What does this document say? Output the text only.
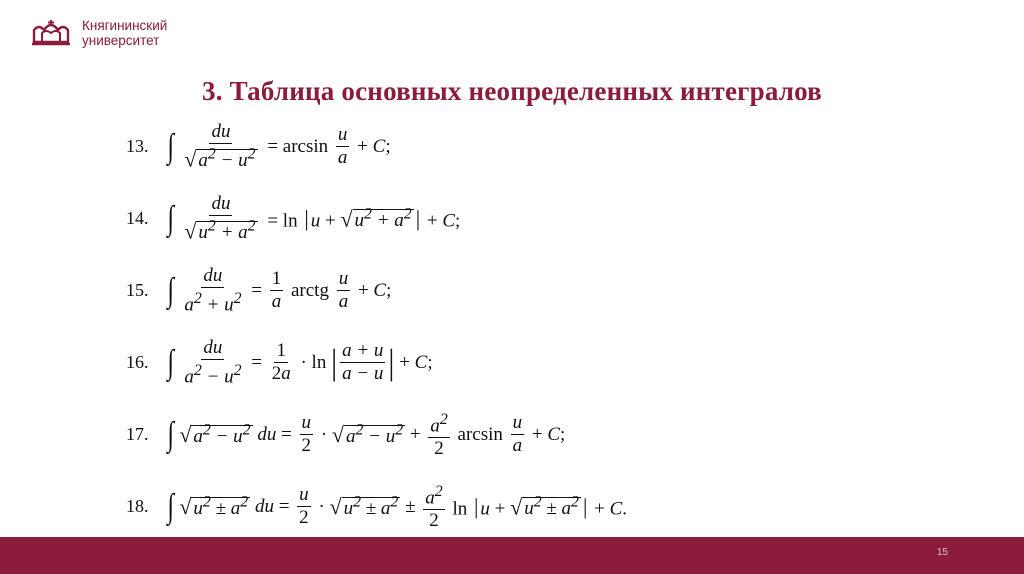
Княгининский
университет
3. Таблица основных неопределенных интегралов
13. ∫ $\frac{du}{√ a^2 - u^2} = \arcsin \frac{u}{a} + C$;
14. ∫ $\frac{du}{√ u^2 + a^2} = \ln$ | u + √ $u^2 + a^2$ | + C;
15. ∫ $\frac{du}{a^2 + u^2} = \frac{1}{a}$ arctg $\frac{u}{a} + C$;
16. ∫ $\frac{du}{a^2 - u^2} = \frac{1}{2a} \cdot \ln$ | $\frac{a + u}{a - u}$ | + C;
17. ∫ √ $a^2 - u^2$ du = $\frac{u}{2}$ · √ $a^2 - u^2 + \frac{a^2}{2}$ $\arcsin \frac{u}{a} + C$;
18. ∫ √ $u^2 \pm a^2$ du = $\frac{u}{2}$ · √ $u^2 \pm a^2 \pm \frac{a^2}{2}$ ln | u + √ $u^2 \pm a^2$ | + C.
15
